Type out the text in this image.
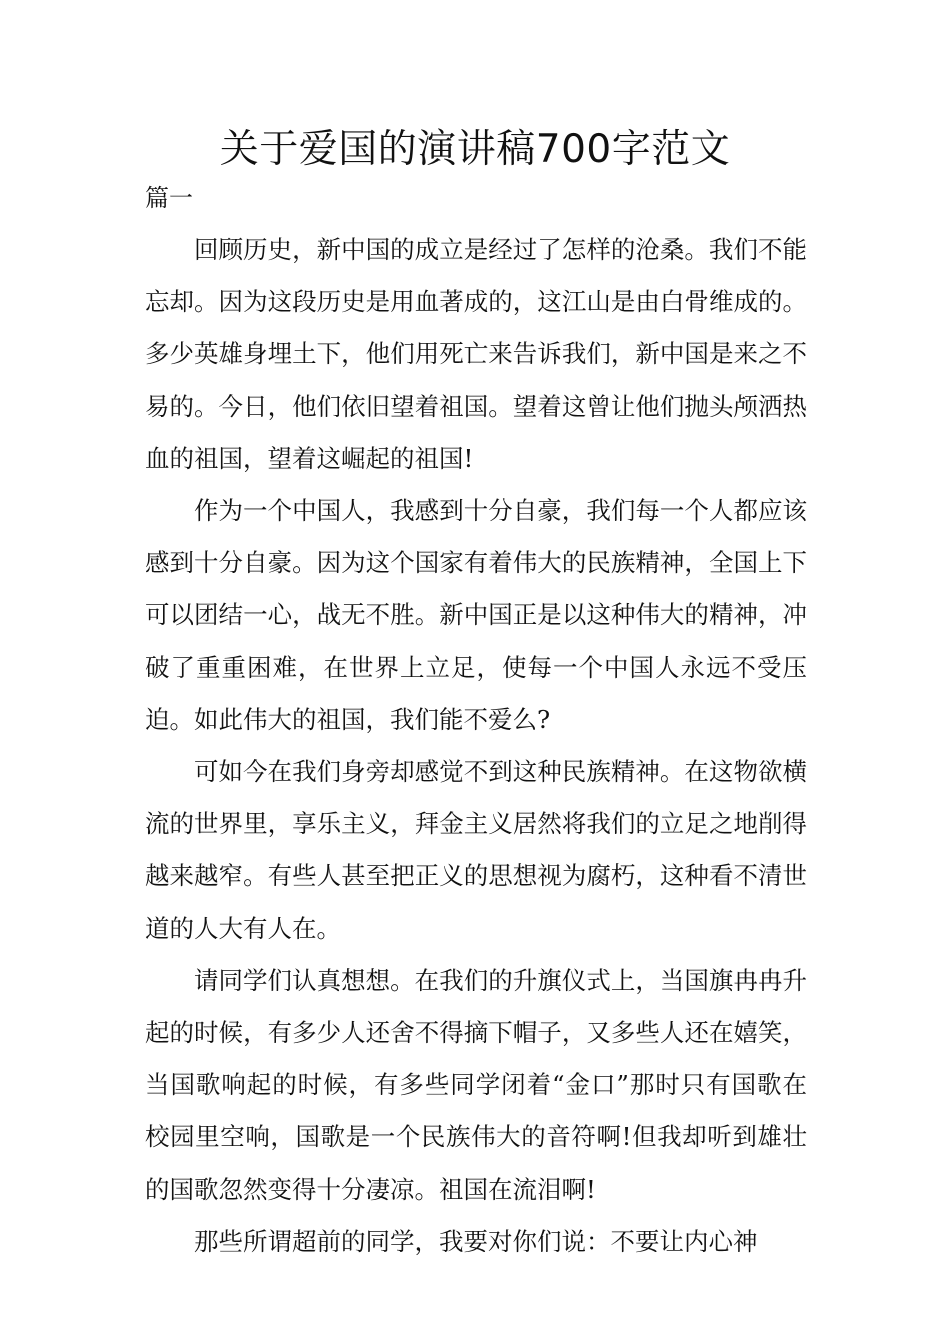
关于爱国的演讲稿700字范文
篇一

回顾历史，新中国的成立是经过了怎样的沧桑。我们不能忘却。因为这段历史是用血著成的，这江山是由白骨维成的。多少英雄身埋土下，他们用死亡来告诉我们，新中国是来之不易的。今日，他们依旧望着祖国。望着这曾让他们抛头颅洒热血的祖国，望着这崛起的祖国!

作为一个中国人，我感到十分自豪，我们每一个人都应该感到十分自豪。因为这个国家有着伟大的民族精神，全国上下可以团结一心，战无不胜。新中国正是以这种伟大的精神，冲破了重重困难，在世界上立足，使每一个中国人永远不受压迫。如此伟大的祖国，我们能不爱么?

可如今在我们身旁却感觉不到这种民族精神。在这物欲横流的世界里，享乐主义，拜金主义居然将我们的立足之地削得越来越窄。有些人甚至把正义的思想视为腐朽，这种看不清世道的人大有人在。

请同学们认真想想。在我们的升旗仪式上，当国旗冉冉升起的时候，有多少人还舍不得摘下帽子，又多些人还在嬉笑，当国歌响起的时候，有多些同学闭着“金口”那时只有国歌在校园里空响，国歌是一个民族伟大的音符啊!但我却听到雄壮的国歌忽然变得十分凄凉。祖国在流泪啊!

那些所谓超前的同学，我要对你们说：不要让内心神
